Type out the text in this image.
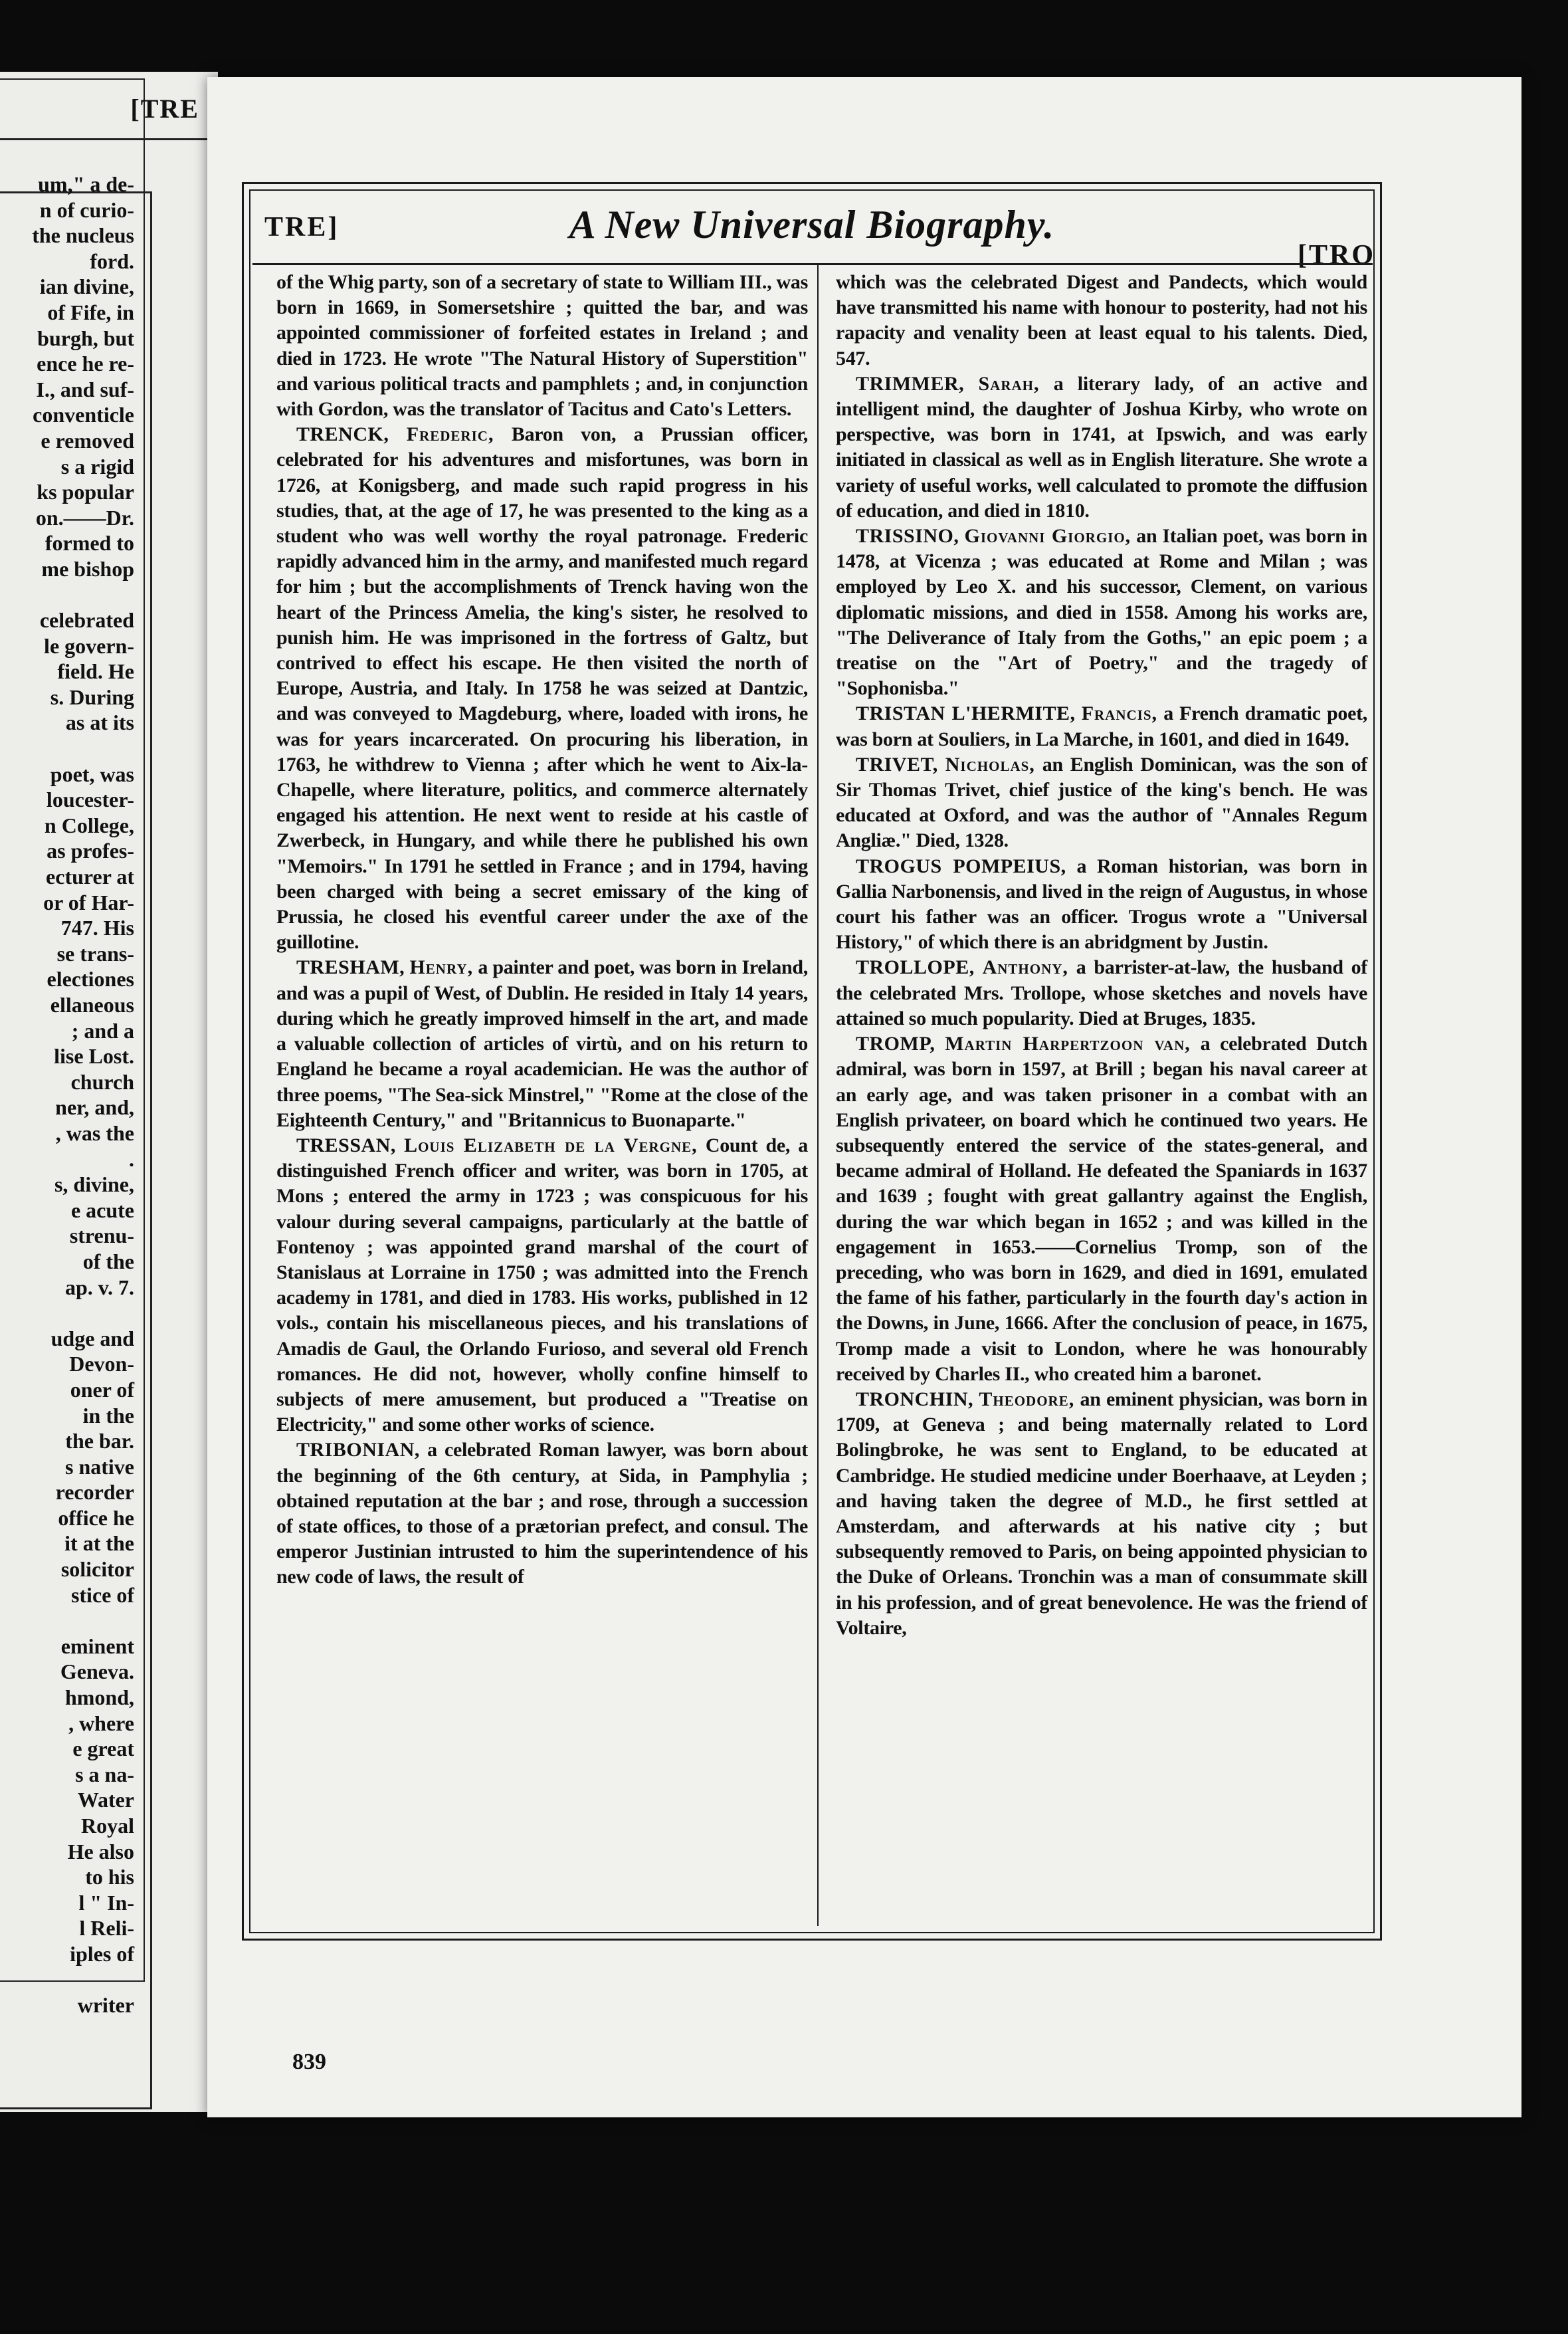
[TRE
um," a de-
n of curio-
the nucleus
ford.
ian divine,
of Fife, in
burgh, but
ence he re-
I., and suf-
conventicle
e removed
s a rigid
ks popular
on.——Dr.
formed to
me bishop
celebrated
le govern-
field. He
s. During
as at its
poet, was
loucester-
n College,
as profes-
ecturer at
or of Har-
747. His
se trans-
electiones
ellaneous
; and a
lise Lost.
church
ner, and,
, was the
.
s, divine,
e acute
strenu-
of the
ap. v. 7.
udge and
Devon-
oner of
in the
the bar.
s native
recorder
office he
it at the
solicitor
stice of
eminent
Geneva.
hmond,
, where
e great
s a na-
Water
Royal
He also
to his
l " In-
l Reli-
iples of
writer
TRE]	A New Universal Biography.
[TRO

of the Whig party, son of a secretary of state to William III., was born in 1669, in Somersetshire ; quitted the bar, and was appointed commissioner of forfeited estates in Ireland ; and died in 1723. He wrote "The Natural History of Superstition" and various political tracts and pamphlets ; and, in conjunction with Gordon, was the translator of Tacitus and Cato's Letters.

TRENCK, Frederic, Baron von, a Prussian officer, celebrated for his adventures and misfortunes, was born in 1726, at Konigsberg, and made such rapid progress in his studies, that, at the age of 17, he was presented to the king as a student who was well worthy the royal patronage. Frederic rapidly advanced him in the army, and manifested much regard for him ; but the accomplishments of Trenck having won the heart of the Princess Amelia, the king's sister, he resolved to punish him. He was imprisoned in the fortress of Galtz, but contrived to effect his escape. He then visited the north of Europe, Austria, and Italy. In 1758 he was seized at Dantzic, and was conveyed to Magdeburg, where, loaded with irons, he was for years incarcerated. On procuring his liberation, in 1763, he withdrew to Vienna ; after which he went to Aix-la-Chapelle, where literature, politics, and commerce alternately engaged his attention. He next went to reside at his castle of Zwerbeck, in Hungary, and while there he published his own "Memoirs." In 1791 he settled in France ; and in 1794, having been charged with being a secret emissary of the king of Prussia, he closed his eventful career under the axe of the guillotine.

TRESHAM, Henry, a painter and poet, was born in Ireland, and was a pupil of West, of Dublin. He resided in Italy 14 years, during which he greatly improved himself in the art, and made a valuable collection of articles of virtù, and on his return to England he became a royal academician. He was the author of three poems, "The Sea-sick Minstrel," "Rome at the close of the Eighteenth Century," and "Britannicus to Buonaparte."

TRESSAN, Louis Elizabeth de la Vergne, Count de, a distinguished French officer and writer, was born in 1705, at Mons ; entered the army in 1723 ; was conspicuous for his valour during several campaigns, particularly at the battle of Fontenoy ; was appointed grand marshal of the court of Stanislaus at Lorraine in 1750 ; was admitted into the French academy in 1781, and died in 1783. His works, published in 12 vols., contain his miscellaneous pieces, and his translations of Amadis de Gaul, the Orlando Furioso, and several old French romances. He did not, however, wholly confine himself to subjects of mere amusement, but produced a "Treatise on Electricity," and some other works of science.

TRIBONIAN, a celebrated Roman lawyer, was born about the beginning of the 6th century, at Sida, in Pamphylia ; obtained reputation at the bar ; and rose, through a succession of state offices, to those of a prætorian prefect, and consul. The emperor Justinian intrusted to him the superintendence of his new code of laws, the result of

which was the celebrated Digest and Pandects, which would have transmitted his name with honour to posterity, had not his rapacity and venality been at least equal to his talents. Died, 547.

TRIMMER, Sarah, a literary lady, of an active and intelligent mind, the daughter of Joshua Kirby, who wrote on perspective, was born in 1741, at Ipswich, and was early initiated in classical as well as in English literature. She wrote a variety of useful works, well calculated to promote the diffusion of education, and died in 1810.

TRISSINO, Giovanni Giorgio, an Italian poet, was born in 1478, at Vicenza ; was educated at Rome and Milan ; was employed by Leo X. and his successor, Clement, on various diplomatic missions, and died in 1558. Among his works are, "The Deliverance of Italy from the Goths," an epic poem ; a treatise on the "Art of Poetry," and the tragedy of "Sophonisba."

TRISTAN L'HERMITE, Francis, a French dramatic poet, was born at Souliers, in La Marche, in 1601, and died in 1649.

TRIVET, Nicholas, an English Dominican, was the son of Sir Thomas Trivet, chief justice of the king's bench. He was educated at Oxford, and was the author of "Annales Regum Angliæ." Died, 1328.

TROGUS POMPEIUS, a Roman historian, was born in Gallia Narbonensis, and lived in the reign of Augustus, in whose court his father was an officer. Trogus wrote a "Universal History," of which there is an abridgment by Justin.

TROLLOPE, Anthony, a barrister-at-law, the husband of the celebrated Mrs. Trollope, whose sketches and novels have attained so much popularity. Died at Bruges, 1835.

TROMP, Martin Harpertzoon van, a celebrated Dutch admiral, was born in 1597, at Brill ; began his naval career at an early age, and was taken prisoner in a combat with an English privateer, on board which he continued two years. He subsequently entered the service of the states-general, and became admiral of Holland. He defeated the Spaniards in 1637 and 1639 ; fought with great gallantry against the English, during the war which began in 1652 ; and was killed in the engagement in 1653.——Cornelius Tromp, son of the preceding, who was born in 1629, and died in 1691, emulated the fame of his father, particularly in the fourth day's action in the Downs, in June, 1666. After the conclusion of peace, in 1675, Tromp made a visit to London, where he was honourably received by Charles II., who created him a baronet.

TRONCHIN, Theodore, an eminent physician, was born in 1709, at Geneva ; and being maternally related to Lord Bolingbroke, he was sent to England, to be educated at Cambridge. He studied medicine under Boerhaave, at Leyden ; and having taken the degree of M.D., he first settled at Amsterdam, and afterwards at his native city ; but subsequently removed to Paris, on being appointed physician to the Duke of Orleans. Tronchin was a man of consummate skill in his profession, and of great benevolence. He was the friend of Voltaire,

839
